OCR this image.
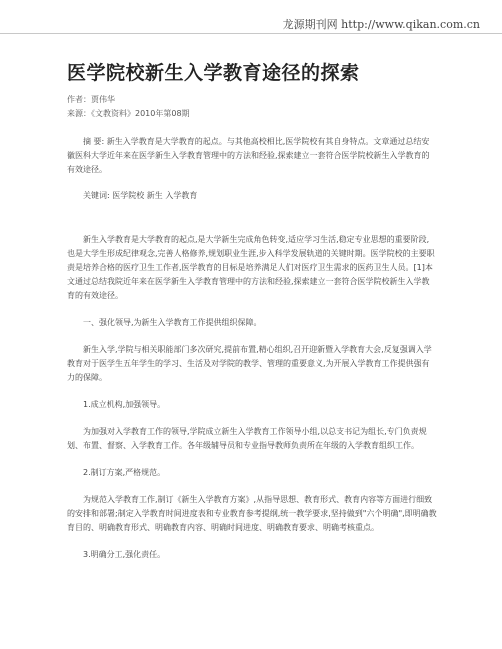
龙源期刊网 http://www.qikan.com.cn
医学院校新生入学教育途径的探索

作者：贾伟华

来源：《文教资料》2010年第08期

摘 要: 新生入学教育是大学教育的起点。与其他高校相比,医学院校有其自身特点。文章通过总结安徽医科大学近年来在医学新生入学教育管理中的方法和经验,探索建立一套符合医学院校新生入学教育的有效途径。

关键词: 医学院校 新生 入学教育

新生入学教育是大学教育的起点,是大学新生完成角色转变,适应学习生活,稳定专业思想的重要阶段,也是大学生形成纪律观念,完善人格修养,规划职业生涯,步入科学发展轨道的关键时期。医学院校的主要职责是培养合格的医疗卫生工作者,医学教育的目标是培养满足人们对医疗卫生需求的医药卫生人员。[1]本文通过总结我院近年来在医学新生入学教育管理中的方法和经验,探索建立一套符合医学院校新生入学教育的有效途径。

一、强化领导,为新生入学教育工作提供组织保障。

新生入学,学院与相关职能部门多次研究,提前布置,精心组织,召开迎新暨入学教育大会,反复强调入学教育对于医学生五年学生的学习、生活及对学院的教学、管理的重要意义,为开展入学教育工作提供强有力的保障。

1.成立机构,加强领导。

为加强对入学教育工作的领导,学院成立新生入学教育工作领导小组,以总支书记为组长,专门负责规划、布置、督察、入学教育工作。各年级辅导员和专业指导教师负责所在年级的入学教育组织工作。

2.制订方案,严格规范。

为规范入学教育工作,制订《新生入学教育方案》,从指导思想、教育形式、教育内容等方面进行细致的安排和部署;制定入学教育时间进度表和专业教育参考提纲,统一教学要求,坚持做到"六个明确",即明确教育目的、明确教育形式、明确教育内容、明确时间进度、明确教育要求、明确考核重点。

3.明确分工,强化责任。
